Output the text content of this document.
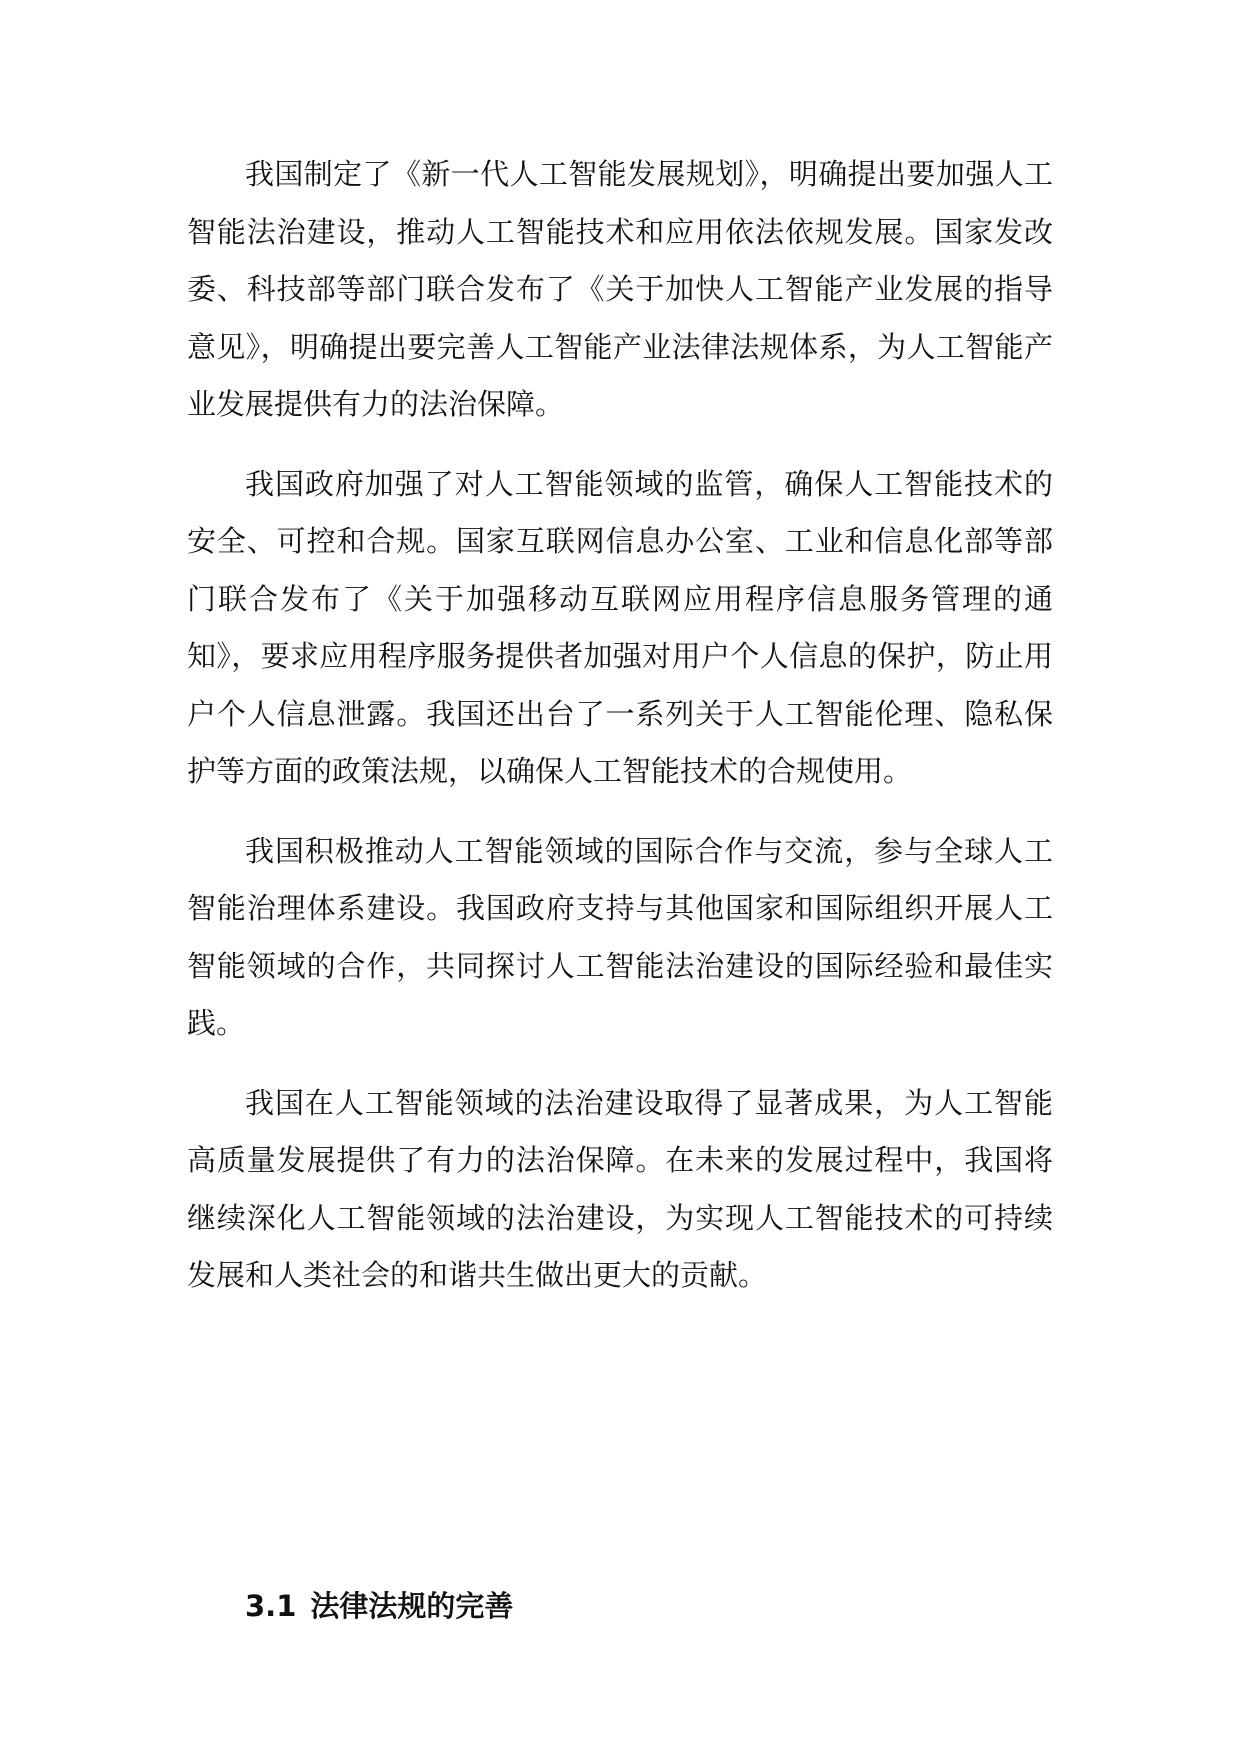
我国制定了《新一代人工智能发展规划》，明确提出要加强人工智能法治建设，推动人工智能技术和应用依法依规发展。国家发改委、科技部等部门联合发布了《关于加快人工智能产业发展的指导意见》，明确提出要完善人工智能产业法律法规体系，为人工智能产业发展提供有力的法治保障。

我国政府加强了对人工智能领域的监管，确保人工智能技术的安全、可控和合规。国家互联网信息办公室、工业和信息化部等部门联合发布了《关于加强移动互联网应用程序信息服务管理的通知》，要求应用程序服务提供者加强对用户个人信息的保护，防止用户个人信息泄露。我国还出台了一系列关于人工智能伦理、隐私保护等方面的政策法规，以确保人工智能技术的合规使用。

我国积极推动人工智能领域的国际合作与交流，参与全球人工智能治理体系建设。我国政府支持与其他国家和国际组织开展人工智能领域的合作，共同探讨人工智能法治建设的国际经验和最佳实践。

我国在人工智能领域的法治建设取得了显著成果，为人工智能高质量发展提供了有力的法治保障。在未来的发展过程中，我国将继续深化人工智能领域的法治建设，为实现人工智能技术的可持续发展和人类社会的和谐共生做出更大的贡献。

3.1 法律法规的完善
